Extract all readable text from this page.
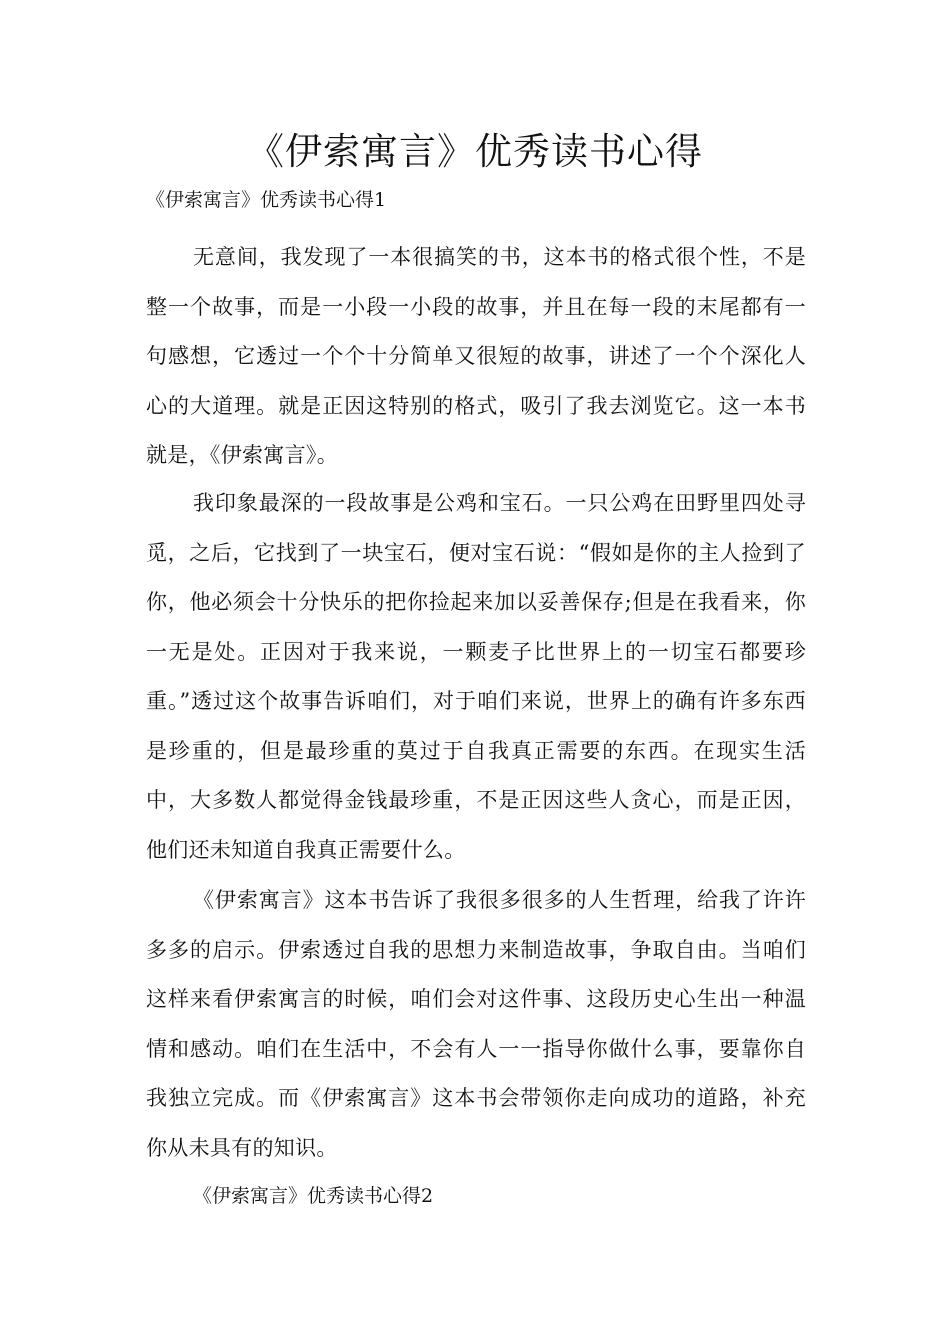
《伊索寓言》优秀读书心得
《伊索寓言》优秀读书心得1

无意间，我发现了一本很搞笑的书，这本书的格式很个性，不是整一个故事，而是一小段一小段的故事，并且在每一段的末尾都有一句感想，它透过一个个十分简单又很短的故事，讲述了一个个深化人心的大道理。就是正因这特别的格式，吸引了我去浏览它。这一本书就是，《伊索寓言》。

我印象最深的一段故事是公鸡和宝石。一只公鸡在田野里四处寻觅，之后，它找到了一块宝石，便对宝石说：“假如是你的主人捡到了你，他必须会十分快乐的把你捡起来加以妥善保存;但是在我看来，你一无是处。正因对于我来说，一颗麦子比世界上的一切宝石都要珍重。”透过这个故事告诉咱们，对于咱们来说，世界上的确有许多东西是珍重的，但是最珍重的莫过于自我真正需要的东西。在现实生活中，大多数人都觉得金钱最珍重，不是正因这些人贪心，而是正因，他们还未知道自我真正需要什么。

《伊索寓言》这本书告诉了我很多很多的人生哲理，给我了许许多多的启示。伊索透过自我的思想力来制造故事，争取自由。当咱们这样来看伊索寓言的时候，咱们会对这件事、这段历史心生出一种温情和感动。咱们在生活中，不会有人一一指导你做什么事，要靠你自我独立完成。而《伊索寓言》这本书会带领你走向成功的道路，补充你从未具有的知识。

《伊索寓言》优秀读书心得2
